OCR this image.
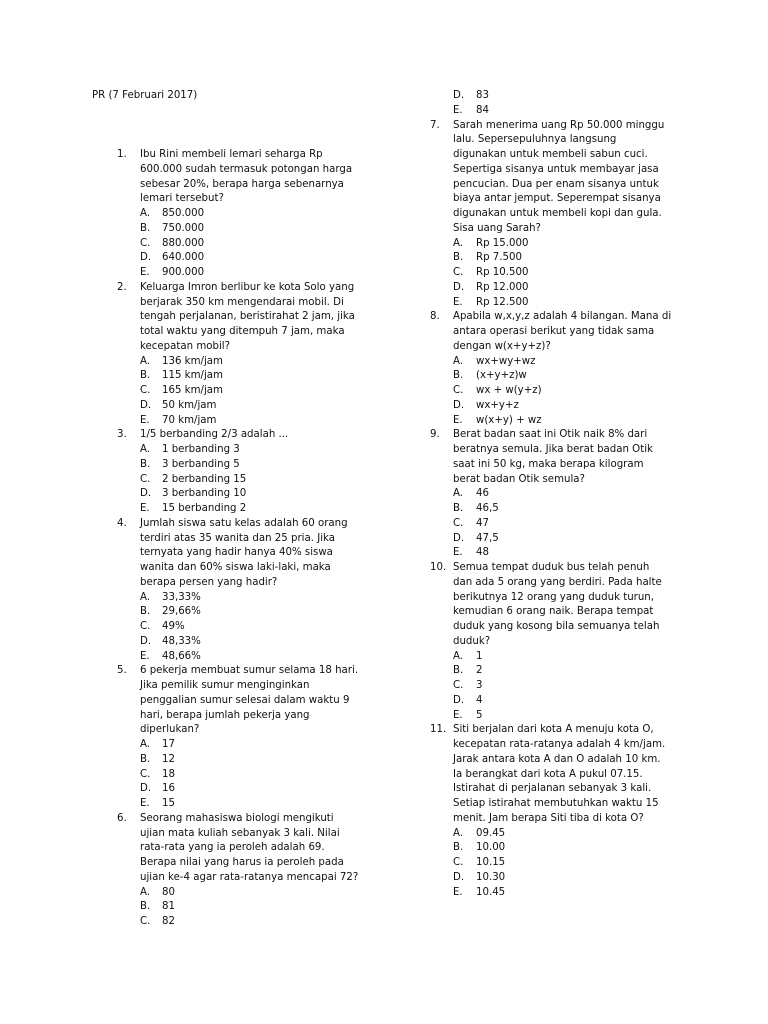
PR (7 Februari 2017)
1. Ibu Rini membeli lemari seharga Rp
600.000 sudah termasuk potongan harga
sebesar 20%, berapa harga sebenarnya
lemari tersebut?
A. 850.000
B. 750.000
C. 880.000
D. 640.000
E. 900.000
2. Keluarga Imron berlibur ke kota Solo yang
berjarak 350 km mengendarai mobil. Di
tengah perjalanan, beristirahat 2 jam, jika
total waktu yang ditempuh 7 jam, maka
kecepatan mobil?
A. 136 km/jam
B. 115 km/jam
C. 165 km/jam
D. 50 km/jam
E. 70 km/jam
3. 1/5 berbanding 2/3 adalah ...
A. 1 berbanding 3
B. 3 berbanding 5
C. 2 berbanding 15
D. 3 berbanding 10
E. 15 berbanding 2
4. Jumlah siswa satu kelas adalah 60 orang
terdiri atas 35 wanita dan 25 pria. Jika
ternyata yang hadir hanya 40% siswa
wanita dan 60% siswa laki-laki, maka
berapa persen yang hadir?
A. 33,33%
B. 29,66%
C. 49%
D. 48,33%
E. 48,66%
5. 6 pekerja membuat sumur selama 18 hari.
Jika pemilik sumur menginginkan
penggalian sumur selesai dalam waktu 9
hari, berapa jumlah pekerja yang
diperlukan?
A. 17
B. 12
C. 18
D. 16
E. 15
6. Seorang mahasiswa biologi mengikuti
ujian mata kuliah sebanyak 3 kali. Nilai
rata-rata yang ia peroleh adalah 69.
Berapa nilai yang harus ia peroleh pada
ujian ke-4 agar rata-ratanya mencapai 72?
A. 80
B. 81
C. 82
D. 83
E. 84
7. Sarah menerima uang Rp 50.000 minggu
lalu. Sepersepuluhnya langsung
digunakan untuk membeli sabun cuci.
Sepertiga sisanya untuk membayar jasa
pencucian. Dua per enam sisanya untuk
biaya antar jemput. Seperempat sisanya
digunakan untuk membeli kopi dan gula.
Sisa uang Sarah?
A. Rp 15.000
B. Rp 7.500
C. Rp 10.500
D. Rp 12.000
E. Rp 12.500
8. Apabila w,x,y,z adalah 4 bilangan. Mana di
antara operasi berikut yang tidak sama
dengan w(x+y+z)?
A. wx+wy+wz
B. (x+y+z)w
C. wx + w(y+z)
D. wx+y+z
E. w(x+y) + wz
9. Berat badan saat ini Otik naik 8% dari
beratnya semula. Jika berat badan Otik
saat ini 50 kg, maka berapa kilogram
berat badan Otik semula?
A. 46
B. 46,5
C. 47
D. 47,5
E. 48
10. Semua tempat duduk bus telah penuh
dan ada 5 orang yang berdiri. Pada halte
berikutnya 12 orang yang duduk turun,
kemudian 6 orang naik. Berapa tempat
duduk yang kosong bila semuanya telah
duduk?
A. 1
B. 2
C. 3
D. 4
E. 5
11. Siti berjalan dari kota A menuju kota O,
kecepatan rata-ratanya adalah 4 km/jam.
Jarak antara kota A dan O adalah 10 km.
Ia berangkat dari kota A pukul 07.15.
Istirahat di perjalanan sebanyak 3 kali.
Setiap istirahat membutuhkan waktu 15
menit. Jam berapa Siti tiba di kota O?
A. 09.45
B. 10.00
C. 10.15
D. 10.30
E. 10.45
